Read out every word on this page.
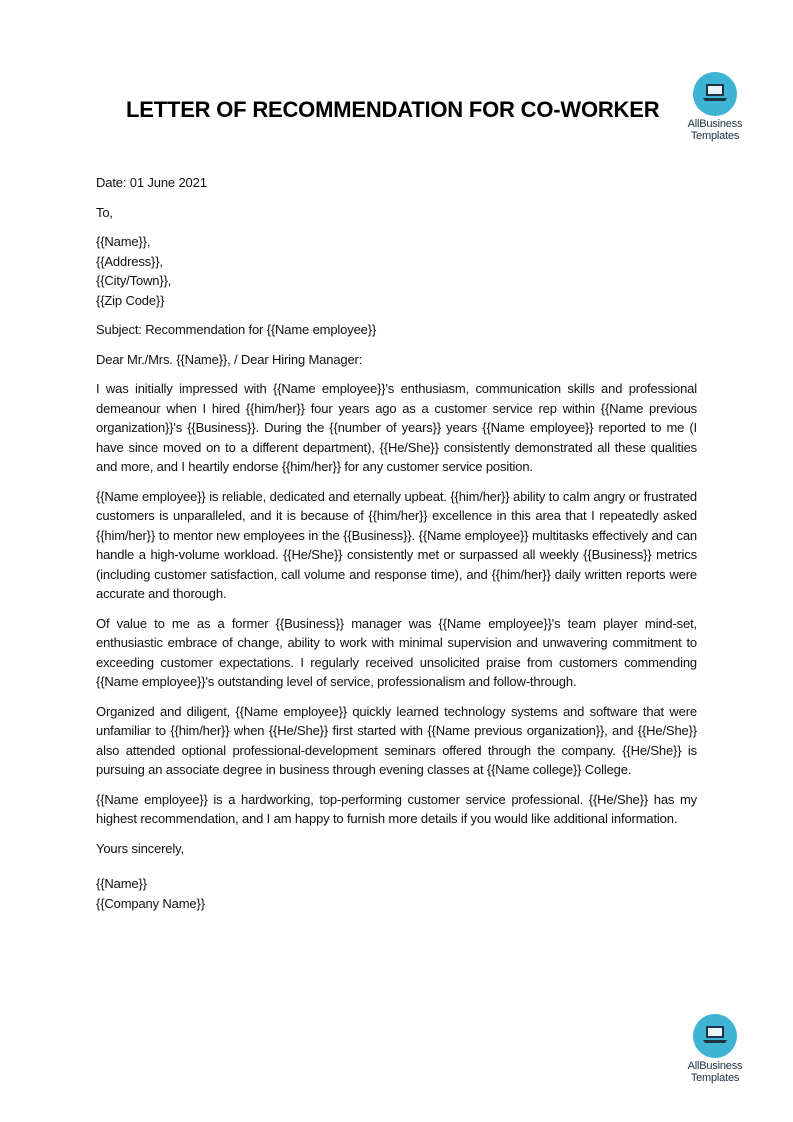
LETTER OF RECOMMENDATION FOR CO-WORKER
AllBusiness
Templates

Date: 01 June 2021

To,

{{Name}},
{{Address}},
{{City/Town}},
{{Zip Code}}

Subject: Recommendation for {{Name employee}}

Dear Mr./Mrs. {{Name}}, / Dear Hiring Manager:

I was initially impressed with {{Name employee}}'s enthusiasm, communication skills and professional demeanour when I hired {{him/her}} four years ago as a customer service rep within {{Name previous organization}}'s {{Business}}. During the {{number of years}} years {{Name employee}} reported to me (I have since moved on to a different department), {{He/She}} consistently demonstrated all these qualities and more, and I heartily endorse {{him/her}} for any customer service position.

{{Name employee}} is reliable, dedicated and eternally upbeat. {{him/her}} ability to calm angry or frustrated customers is unparalleled, and it is because of {{him/her}} excellence in this area that I repeatedly asked {{him/her}} to mentor new employees in the {{Business}}. {{Name employee}} multitasks effectively and can handle a high-volume workload. {{He/She}} consistently met or surpassed all weekly {{Business}} metrics (including customer satisfaction, call volume and response time), and {{him/her}} daily written reports were accurate and thorough.

Of value to me as a former {{Business}} manager was {{Name employee}}'s team player mind-set, enthusiastic embrace of change, ability to work with minimal supervision and unwavering commitment to exceeding customer expectations. I regularly received unsolicited praise from customers commending {{Name employee}}'s outstanding level of service, professionalism and follow-through.

Organized and diligent, {{Name employee}} quickly learned technology systems and software that were unfamiliar to {{him/her}} when {{He/She}} first started with {{Name previous organization}}, and {{He/She}} also attended optional professional-development seminars offered through the company. {{He/She}} is pursuing an associate degree in business through evening classes at {{Name college}} College.

{{Name employee}} is a hardworking, top-performing customer service professional. {{He/She}} has my highest recommendation, and I am happy to furnish more details if you would like additional information.

Yours sincerely,

{{Name}}
{{Company Name}}
AllBusiness
Templates
